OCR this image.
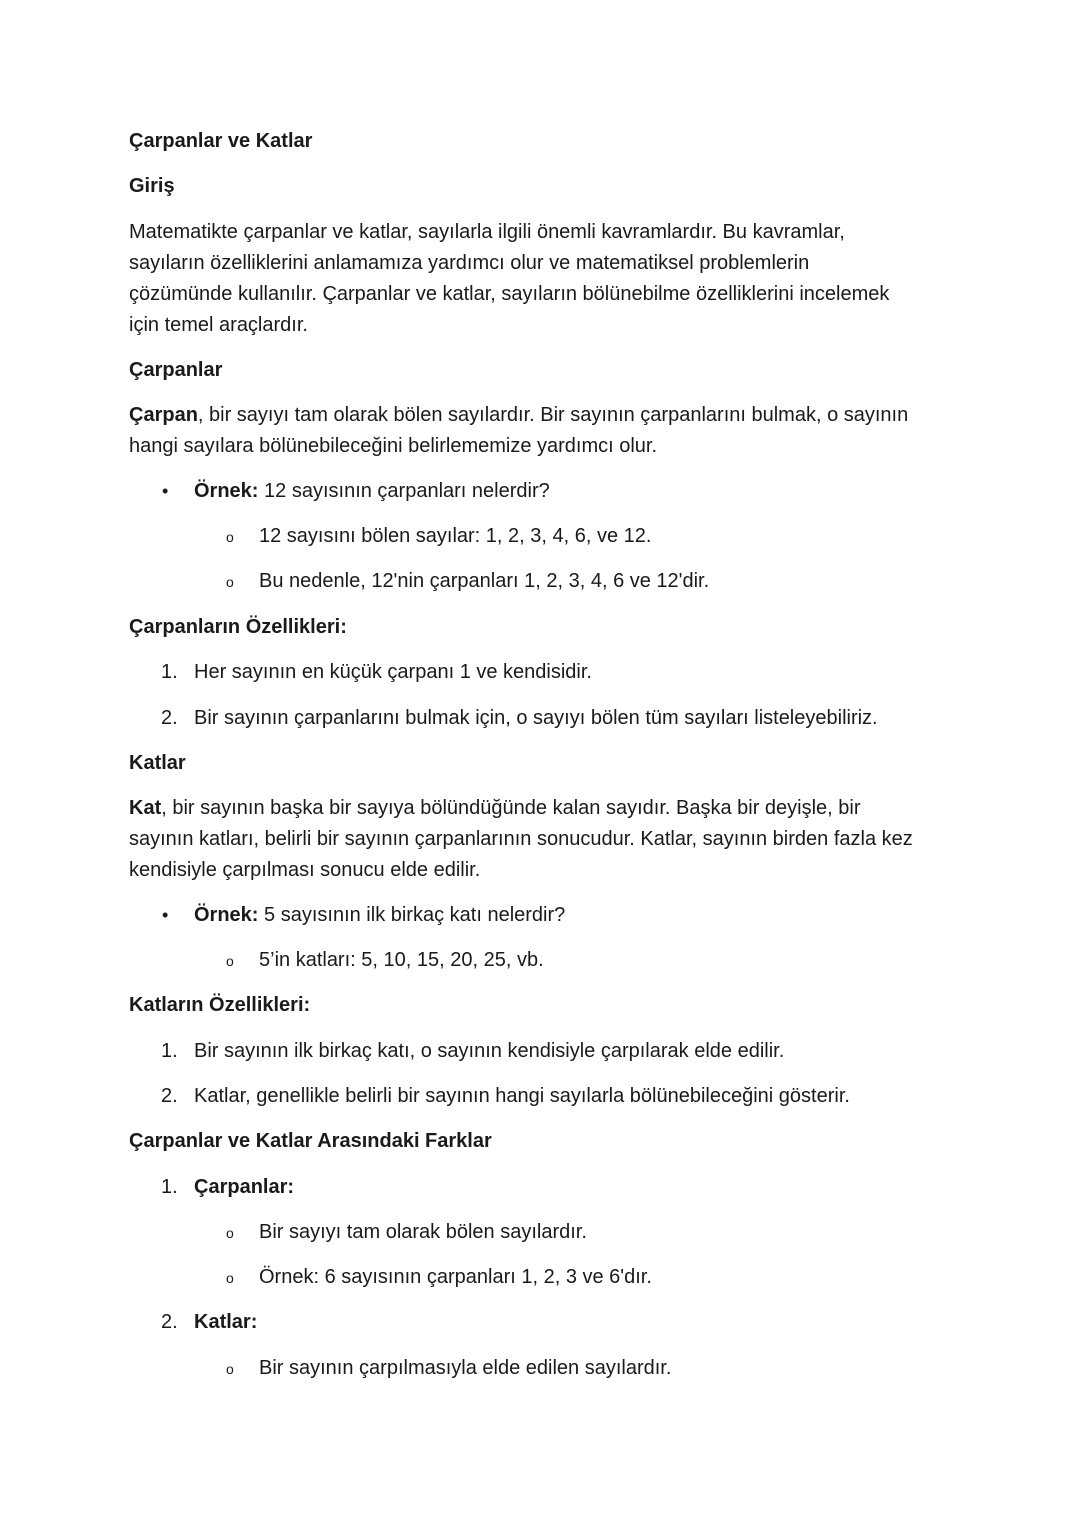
Çarpanlar ve Katlar
Giriş
Matematikte çarpanlar ve katlar, sayılarla ilgili önemli kavramlardır. Bu kavramlar,
sayıların özelliklerini anlamamıza yardımcı olur ve matematiksel problemlerin
çözümünde kullanılır. Çarpanlar ve katlar, sayıların bölünebilme özelliklerini incelemek
için temel araçlardır.
Çarpanlar
Çarpan, bir sayıyı tam olarak bölen sayılardır. Bir sayının çarpanlarını bulmak, o sayının
hangi sayılara bölünebileceğini belirlememize yardımcı olur.
• Örnek: 12 sayısının çarpanları nelerdir?
o 12 sayısını bölen sayılar: 1, 2, 3, 4, 6, ve 12.
o Bu nedenle, 12'nin çarpanları 1, 2, 3, 4, 6 ve 12'dir.
Çarpanların Özellikleri:
1. Her sayının en küçük çarpanı 1 ve kendisidir.
2. Bir sayının çarpanlarını bulmak için, o sayıyı bölen tüm sayıları listeleyebiliriz.
Katlar
Kat, bir sayının başka bir sayıya bölündüğünde kalan sayıdır. Başka bir deyişle, bir
sayının katları, belirli bir sayının çarpanlarının sonucudur. Katlar, sayının birden fazla kez
kendisiyle çarpılması sonucu elde edilir.
• Örnek: 5 sayısının ilk birkaç katı nelerdir?
o 5’in katları: 5, 10, 15, 20, 25, vb.
Katların Özellikleri:
1. Bir sayının ilk birkaç katı, o sayının kendisiyle çarpılarak elde edilir.
2. Katlar, genellikle belirli bir sayının hangi sayılarla bölünebileceğini gösterir.
Çarpanlar ve Katlar Arasındaki Farklar
1. Çarpanlar:
o Bir sayıyı tam olarak bölen sayılardır.
o Örnek: 6 sayısının çarpanları 1, 2, 3 ve 6'dır.
2. Katlar:
o Bir sayının çarpılmasıyla elde edilen sayılardır.
